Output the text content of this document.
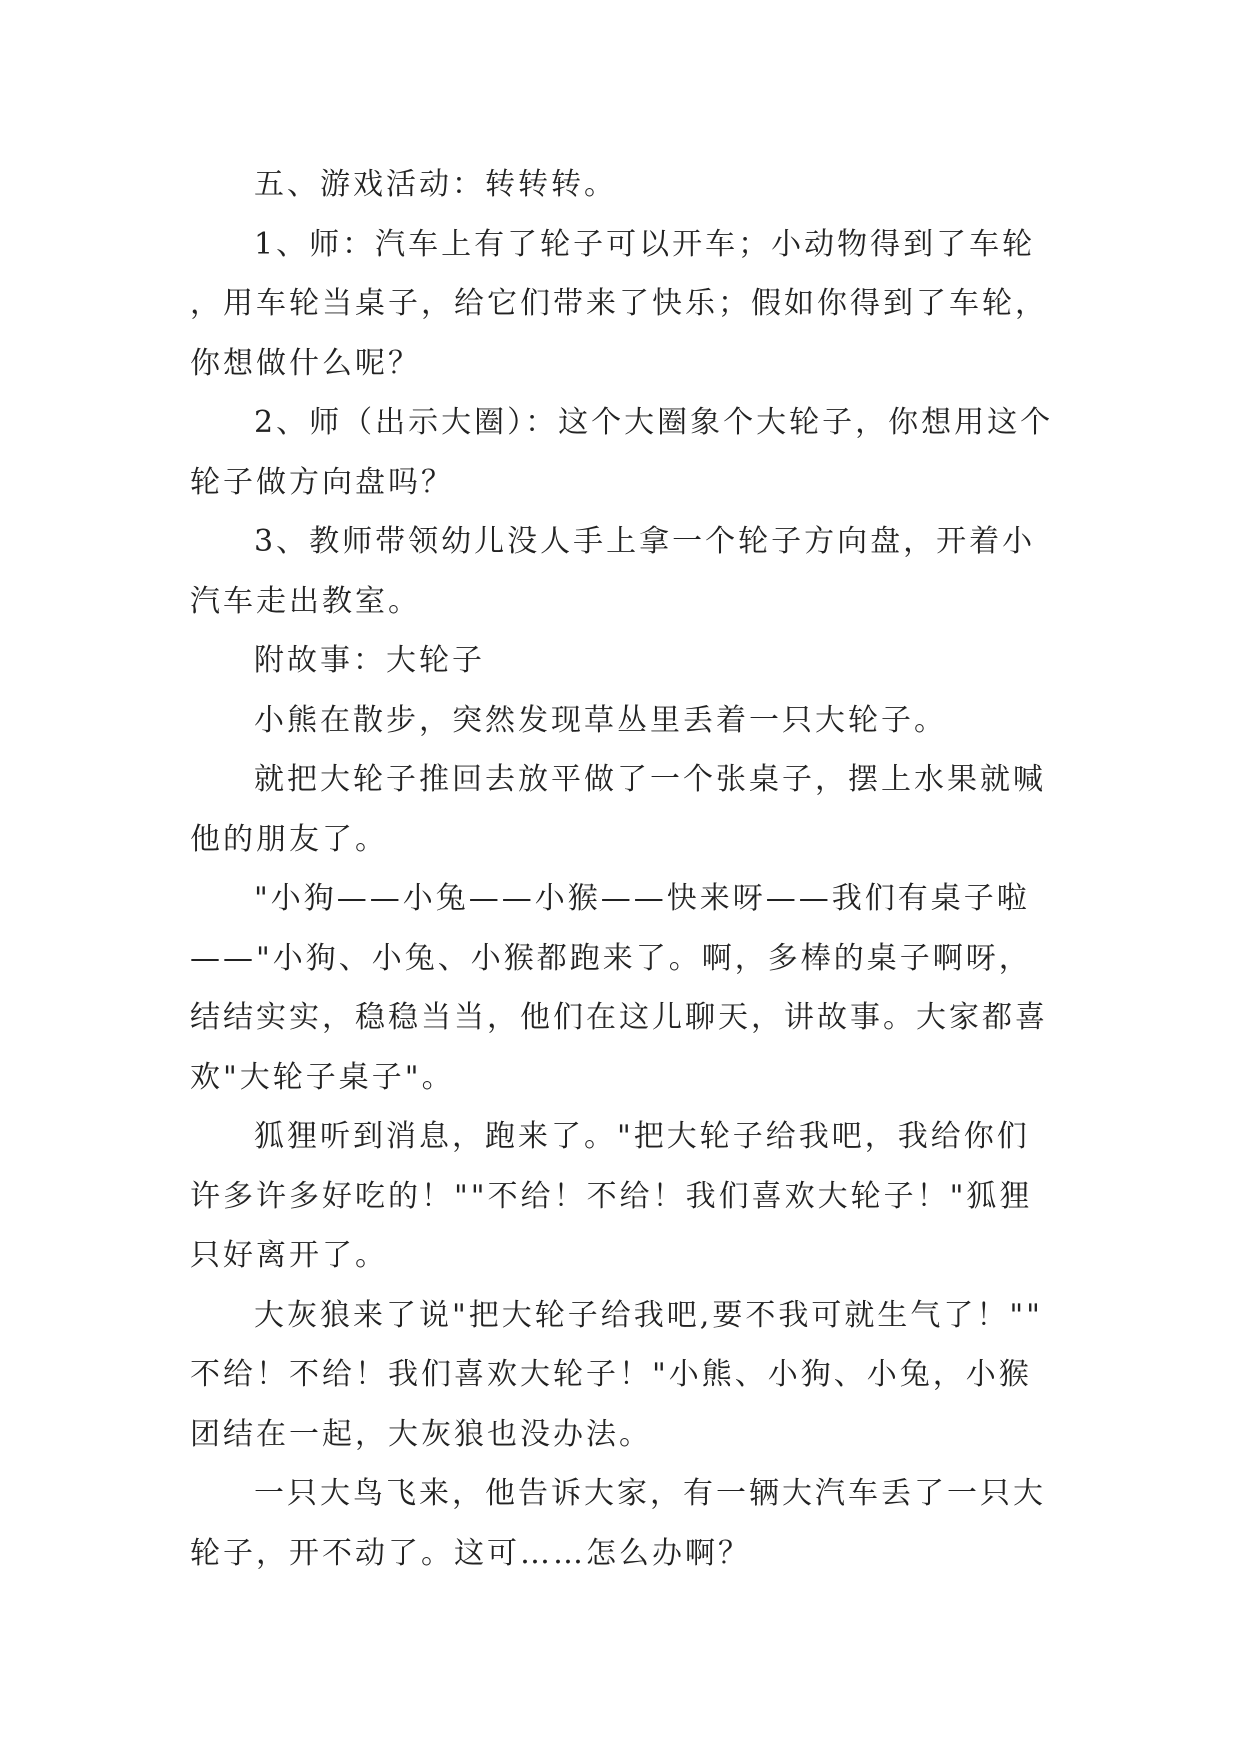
五、游戏活动：转转转。

1、师：汽车上有了轮子可以开车；小动物得到了车轮，用车轮当桌子，给它们带来了快乐；假如你得到了车轮，你想做什么呢？

2、师（出示大圈）：这个大圈象个大轮子，你想用这个轮子做方向盘吗？

3、教师带领幼儿没人手上拿一个轮子方向盘，开着小汽车走出教室。

附故事：大轮子

小熊在散步，突然发现草丛里丢着一只大轮子。

就把大轮子推回去放平做了一个张桌子，摆上水果就喊他的朋友了。

"小狗——小兔——小猴——快来呀——我们有桌子啦——"小狗、小兔、小猴都跑来了。啊，多棒的桌子啊呀，结结实实，稳稳当当，他们在这儿聊天，讲故事。大家都喜欢"大轮子桌子"。

狐狸听到消息，跑来了。"把大轮子给我吧，我给你们许多许多好吃的！""不给！不给！我们喜欢大轮子！"狐狸只好离开了。

大灰狼来了说"把大轮子给我吧,要不我可就生气了！""不给！不给！我们喜欢大轮子！"小熊、小狗、小兔，小猴团结在一起，大灰狼也没办法。

一只大鸟飞来，他告诉大家，有一辆大汽车丢了一只大轮子，开不动了。这可……怎么办啊？
